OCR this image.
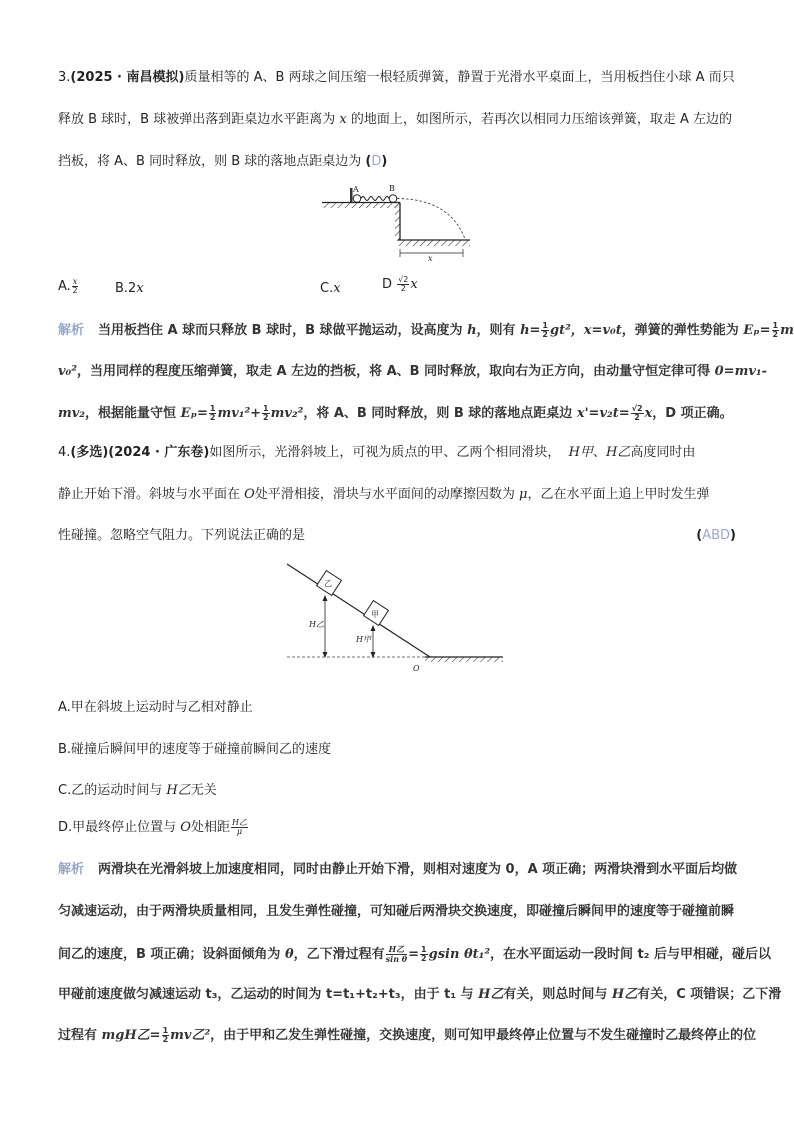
3.(2025 · 南昌模拟)质量相等的 A、B 两球之间压缩一根轻质弹簧，静置于光滑水平桌面上，当用板挡住小球 A 而只
释放 B 球时，B 球被弹出落到距桌边水平距离为 x 的地面上，如图所示，若再次以相同力压缩该弹簧，取走 A 左边的
挡板，将 A、B 同时释放，则 B 球的落地点距桌边为 (D)
A	B
x
A. $\frac{x}{2}$	B.2x	C.x	D $\frac{√2}{2}$ x
解析 当用板挡住 A 球而只释放 B 球时，B 球做平抛运动，设高度为 h，则有 $h= \frac{1}{2} gt^2$，x=v₀t，弹簧的弹性势能为 $E_p= \frac{1}{2}$ m
v₀²，当用同样的程度压缩弹簧，取走 A 左边的挡板，将 A、B 同时释放，取向右为正方向，由动量守恒定律可得 0=mv₁-
mv₂，根据能量守恒 $E_p= \frac{1}{2} mv_1^2+ \frac{1}{2} mv_2^2$，将 A、B 同时释放，则 B 球的落地点距桌边 $x'=v_2t= \frac{√2}{2}$ x，D 项正确。
4.(多选)(2024 · 广东卷)如图所示，光滑斜坡上，可视为质点的甲、乙两个相同滑块， H甲、H乙高度同时由
静止开始下滑。斜坡与水平面在 O处平滑相接，滑块与水平面间的动摩擦因数为 μ，乙在水平面上追上甲时发生弹
性碰撞。忽略空气阻力。下列说法正确的是	(ABD)
乙
甲
H乙
H甲
O
A.甲在斜坡上运动时与乙相对静止
B.碰撞后瞬间甲的速度等于碰撞前瞬间乙的速度
C.乙的运动时间与 H乙无关
D.甲最终停止位置与 O处相距 $\frac{\text{H乙}}{\mu}$
解析 两滑块在光滑斜坡上加速度相同，同时由静止开始下滑，则相对速度为 0，A 项正确；两滑块滑到水平面后均做
匀减速运动，由于两滑块质量相同，且发生弹性碰撞，可知碰后两滑块交换速度，即碰撞后瞬间甲的速度等于碰撞前瞬
间乙的速度，B 项正确；设斜面倾角为 θ，乙下滑过程有 $\frac{\text{H乙}}{\text{sin θ}}= \frac{1}{2}$ gsin θt₁²，在水平面运动一段时间 t₂ 后与甲相碰，碰后以
甲碰前速度做匀减速运动 t₃，乙运动的时间为 t=t₁+t₂+t₃，由于 t₁ 与 H乙有关，则总时间与 H乙有关，C 项错误；乙下滑
过程有 mgH乙= $\frac{1}{2}$ mv乙²，由于甲和乙发生弹性碰撞，交换速度，则可知甲最终停止位置与不发生碰撞时乙最终停止的位
